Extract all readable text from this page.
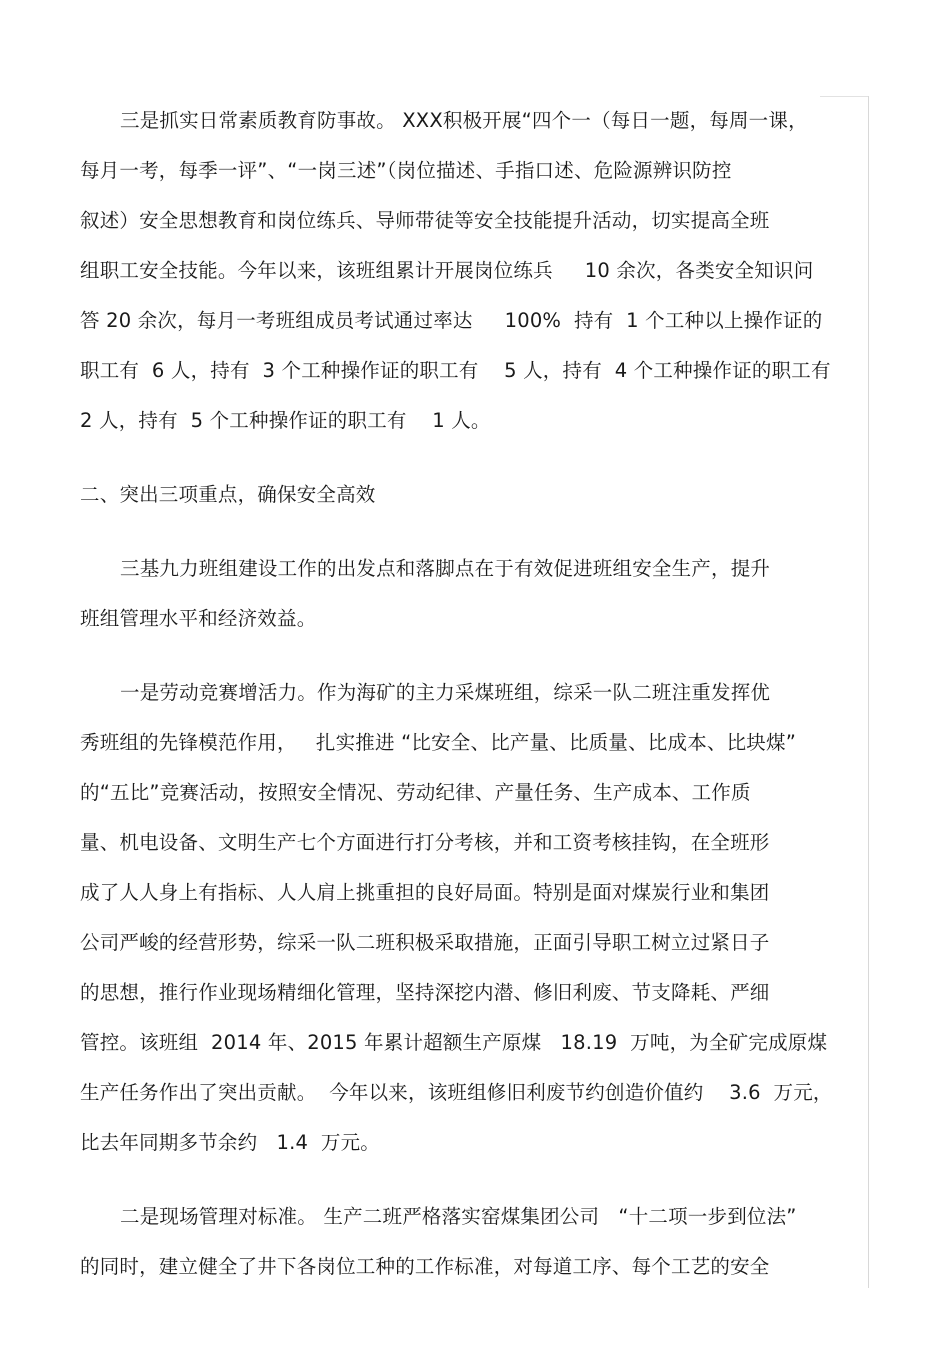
三是抓实日常素质教育防事故。 XXX积极开展“四个一（每日一题，每周一课，
每月一考，每季一评”、“一岗三述”（岗位描述、手指口述、危险源辨识防控
叙述）安全思想教育和岗位练兵、导师带徒等安全技能提升活动，切实提高全班
组职工安全技能。今年以来，该班组累计开展岗位练兵     10 余次，各类安全知识问
答 20 余次，每月一考班组成员考试通过率达     100%  持有  1 个工种以上操作证的
职工有  6 人，持有  3 个工种操作证的职工有    5 人，持有  4 个工种操作证的职工有
2 人，持有  5 个工种操作证的职工有    1 人。
二、突出三项重点，确保安全高效
三基九力班组建设工作的出发点和落脚点在于有效促进班组安全生产，提升
班组管理水平和经济效益。
一是劳动竞赛增活力。作为海矿的主力采煤班组，综采一队二班注重发挥优
秀班组的先锋模范作用，   扎实推进 “比安全、比产量、比质量、比成本、比块煤”
的“五比”竞赛活动，按照安全情况、劳动纪律、产量任务、生产成本、工作质
量、机电设备、文明生产七个方面进行打分考核，并和工资考核挂钩，在全班形
成了人人身上有指标、人人肩上挑重担的良好局面。特别是面对煤炭行业和集团
公司严峻的经营形势，综采一队二班积极采取措施，正面引导职工树立过紧日子
的思想，推行作业现场精细化管理，坚持深挖内潜、修旧利废、节支降耗、严细
管控。该班组  2014 年、2015 年累计超额生产原煤   18.19  万吨，为全矿完成原煤
生产任务作出了突出贡献。  今年以来，该班组修旧利废节约创造价值约    3.6  万元，
比去年同期多节余约   1.4  万元。
二是现场管理对标准。 生产二班严格落实窑煤集团公司   “十二项一步到位法”
的同时，建立健全了井下各岗位工种的工作标准，对每道工序、每个工艺的安全
